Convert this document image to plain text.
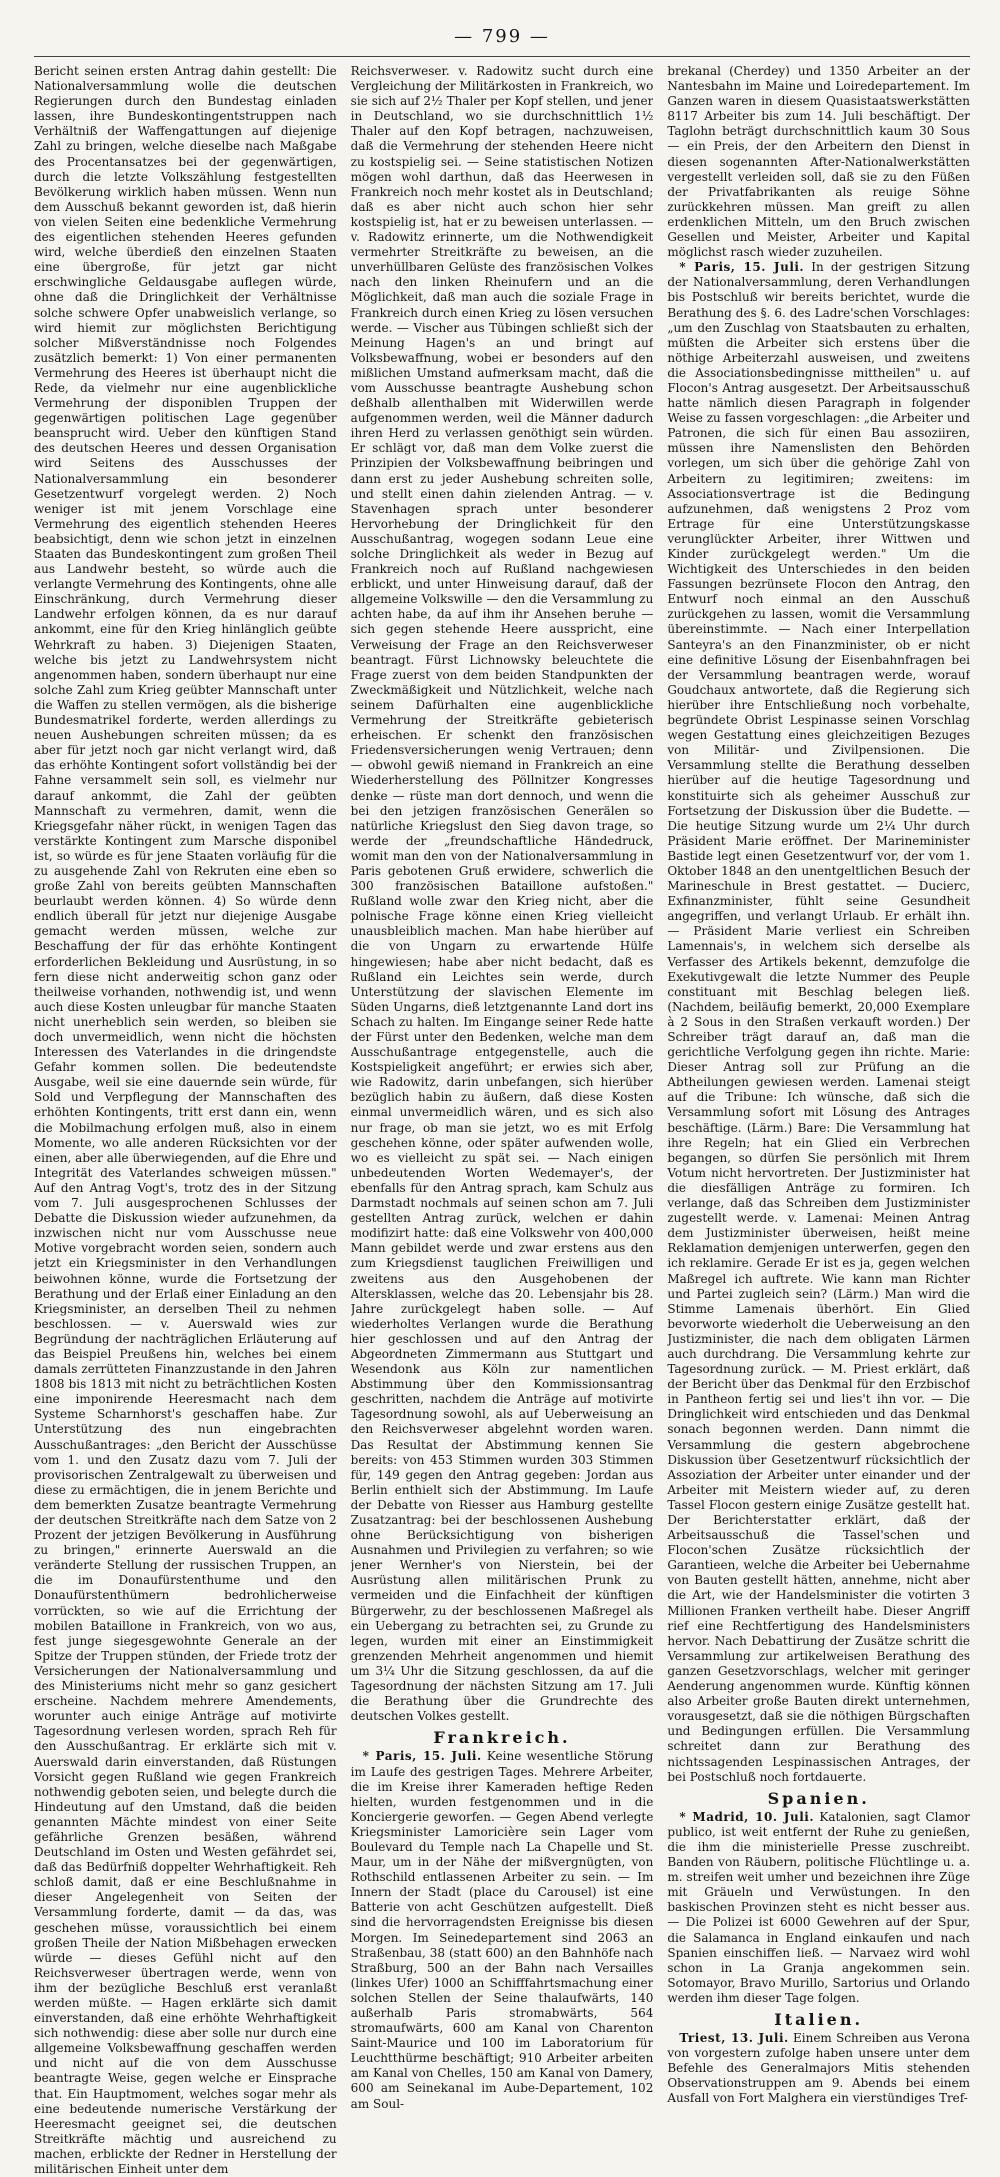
— 799 —

Bericht seinen ersten Antrag dahin gestellt: Die Nationalversammlung wolle die deutschen Regierungen durch den Bundestag einladen lassen, ihre Bundeskontingentstruppen nach Verhältniß der Waffengattungen auf diejenige Zahl zu bringen, welche dieselbe nach Maßgabe des Procentansatzes bei der gegenwärtigen, durch die letzte Volkszählung festgestellten Bevölkerung wirklich haben müssen. Wenn nun dem Ausschuß bekannt geworden ist, daß hierin von vielen Seiten eine bedenkliche Vermehrung des eigentlichen stehenden Heeres gefunden wird, welche überdieß den einzelnen Staaten eine übergroße, für jetzt gar nicht erschwingliche Geldausgabe auflegen würde, ohne daß die Dringlichkeit der Verhältnisse solche schwere Opfer unabweislich verlange, so wird hiemit zur möglichsten Berichtigung solcher Mißverständnisse noch Folgendes zusätzlich bemerkt: 1) Von einer permanenten Vermehrung des Heeres ist überhaupt nicht die Rede, da vielmehr nur eine augenblickliche Vermehrung der disponiblen Truppen der gegenwärtigen politischen Lage gegenüber beansprucht wird. Ueber den künftigen Stand des deutschen Heeres und dessen Organisation wird Seitens des Ausschusses der Nationalversammlung ein besonderer Gesetzentwurf vorgelegt werden. 2) Noch weniger ist mit jenem Vorschlage eine Vermehrung des eigentlich stehenden Heeres beabsichtigt, denn wie schon jetzt in einzelnen Staaten das Bundeskontingent zum großen Theil aus Landwehr besteht, so würde auch die verlangte Vermehrung des Kontingents, ohne alle Einschränkung, durch Vermehrung dieser Landwehr erfolgen können, da es nur darauf ankommt, eine für den Krieg hinlänglich geübte Wehrkraft zu haben. 3) Diejenigen Staaten, welche bis jetzt zu Landwehrsystem nicht angenommen haben, sondern überhaupt nur eine solche Zahl zum Krieg geübter Mannschaft unter die Waffen zu stellen vermögen, als die bisherige Bundesmatrikel forderte, werden allerdings zu neuen Aushebungen schreiten müssen; da es aber für jetzt noch gar nicht verlangt wird, daß das erhöhte Kontingent sofort vollständig bei der Fahne versammelt sein soll, es vielmehr nur darauf ankommt, die Zahl der geübten Mannschaft zu vermehren, damit, wenn die Kriegsgefahr näher rückt, in wenigen Tagen das verstärkte Kontingent zum Marsche disponibel ist, so würde es für jene Staaten vorläufig für die zu ausgehende Zahl von Rekruten eine eben so große Zahl von bereits geübten Mannschaften beurlaubt werden können. 4) So würde denn endlich überall für jetzt nur diejenige Ausgabe gemacht werden müssen, welche zur Beschaffung der für das erhöhte Kontingent erforderlichen Bekleidung und Ausrüstung, in so fern diese nicht anderweitig schon ganz oder theilweise vorhanden, nothwendig ist, und wenn auch diese Kosten unleugbar für manche Staaten nicht unerheblich sein werden, so bleiben sie doch unvermeidlich, wenn nicht die höchsten Interessen des Vaterlandes in die dringendste Gefahr kommen sollen. Die bedeutendste Ausgabe, weil sie eine dauernde sein würde, für Sold und Verpflegung der Mannschaften des erhöhten Kontingents, tritt erst dann ein, wenn die Mobilmachung erfolgen muß, also in einem Momente, wo alle anderen Rücksichten vor der einen, aber alle überwiegenden, auf die Ehre und Integrität des Vaterlandes schweigen müssen." Auf den Antrag Vogt's, trotz des in der Sitzung vom 7. Juli ausgesprochenen Schlusses der Debatte die Diskussion wieder aufzunehmen, da inzwischen nicht nur vom Ausschusse neue Motive vorgebracht worden seien, sondern auch jetzt ein Kriegsminister in den Verhandlungen beiwohnen könne, wurde die Fortsetzung der Berathung und der Erlaß einer Einladung an den Kriegsminister, an derselben Theil zu nehmen beschlossen. — v. Auerswald wies zur Begründung der nachträglichen Erläuterung auf das Beispiel Preußens hin, welches bei einem damals zerrütteten Finanzzustande in den Jahren 1808 bis 1813 mit nicht zu beträchtlichen Kosten eine imponirende Heeresmacht nach dem Systeme Scharnhorst's geschaffen habe. Zur Unterstützung des nun eingebrachten Ausschußantrages: „den Bericht der Ausschüsse vom 1. und den Zusatz dazu vom 7. Juli der provisorischen Zentralgewalt zu überweisen und diese zu ermächtigen, die in jenem Berichte und dem bemerkten Zusatze beantragte Vermehrung der deutschen Streitkräfte nach dem Satze von 2 Prozent der jetzigen Bevölkerung in Ausführung zu bringen," erinnerte Auerswald an die veränderte Stellung der russischen Truppen, an die im Donaufürstenthume und den Donaufürstenthümern bedrohlicherweise vorrückten, so wie auf die Errichtung der mobilen Bataillone in Frankreich, von wo aus, fest junge siegesgewohnte Generale an der Spitze der Truppen stünden, der Friede trotz der Versicherungen der Nationalversammlung und des Ministeriums nicht mehr so ganz gesichert erscheine. Nachdem mehrere Amendements, worunter auch einige Anträge auf motivirte Tagesordnung verlesen worden, sprach Reh für den Ausschußantrag. Er erklärte sich mit v. Auerswald darin einverstanden, daß Rüstungen Vorsicht gegen Rußland wie gegen Frankreich nothwendig geboten seien, und belegte durch die Hindeutung auf den Umstand, daß die beiden genannten Mächte mindest von einer Seite gefährliche Grenzen besäßen, während Deutschland im Osten und Westen gefährdet sei, daß das Bedürfniß doppelter Wehrhaftigkeit. Reh schloß damit, daß er eine Beschlußnahme in dieser Angelegenheit von Seiten der Versammlung forderte, damit — da das, was geschehen müsse, voraussichtlich bei einem großen Theile der Nation Mißbehagen erwecken würde — dieses Gefühl nicht auf den Reichsverweser übertragen werde, wenn von ihm der bezügliche Beschluß erst veranlaßt werden müßte. — Hagen erklärte sich damit einverstanden, daß eine erhöhte Wehrhaftigkeit sich nothwendig: diese aber solle nur durch eine allgemeine Volksbewaffnung geschaffen werden und nicht auf die von dem Ausschusse beantragte Weise, gegen welche er Einsprache that. Ein Hauptmoment, welches sogar mehr als eine bedeutende numerische Verstärkung der Heeresmacht geeignet sei, die deutschen Streitkräfte mächtig und ausreichend zu machen, erblickte der Redner in Herstellung der militärischen Einheit unter dem

Reichsverweser. v. Radowitz sucht durch eine Vergleichung der Militärkosten in Frankreich, wo sie sich auf 2½ Thaler per Kopf stellen, und jener in Deutschland, wo sie durchschnittlich 1½ Thaler auf den Kopf betragen, nachzuweisen, daß die Vermehrung der stehenden Heere nicht zu kostspielig sei. — Seine statistischen Notizen mögen wohl darthun, daß das Heerwesen in Frankreich noch mehr kostet als in Deutschland; daß es aber nicht auch schon hier sehr kostspielig ist, hat er zu beweisen unterlassen. — v. Radowitz erinnerte, um die Nothwendigkeit vermehrter Streitkräfte zu beweisen, an die unverhüllbaren Gelüste des französischen Volkes nach den linken Rheinufern und an die Möglichkeit, daß man auch die soziale Frage in Frankreich durch einen Krieg zu lösen versuchen werde. — Vischer aus Tübingen schließt sich der Meinung Hagen's an und bringt auf Volksbewaffnung, wobei er besonders auf den mißlichen Umstand aufmerksam macht, daß die vom Ausschusse beantragte Aushebung schon deßhalb allenthalben mit Widerwillen werde aufgenommen werden, weil die Männer dadurch ihren Herd zu verlassen genöthigt sein würden. Er schlägt vor, daß man dem Volke zuerst die Prinzipien der Volksbewaffnung beibringen und dann erst zu jeder Aushebung schreiten solle, und stellt einen dahin zielenden Antrag. — v. Stavenhagen sprach unter besonderer Hervorhebung der Dringlichkeit für den Ausschußantrag, wogegen sodann Leue eine solche Dringlichkeit als weder in Bezug auf Frankreich noch auf Rußland nachgewiesen erblickt, und unter Hinweisung darauf, daß der allgemeine Volkswille — den die Versammlung zu achten habe, da auf ihm ihr Ansehen beruhe — sich gegen stehende Heere ausspricht, eine Verweisung der Frage an den Reichsverweser beantragt. Fürst Lichnowsky beleuchtete die Frage zuerst von dem beiden Standpunkten der Zweckmäßigkeit und Nützlichkeit, welche nach seinem Dafürhalten eine augenblickliche Vermehrung der Streitkräfte gebieterisch erheischen. Er schenkt den französischen Friedensversicherungen wenig Vertrauen; denn — obwohl gewiß niemand in Frankreich an eine Wiederherstellung des Pöllnitzer Kongresses denke — rüste man dort dennoch, und wenn die bei den jetzigen französischen Generälen so natürliche Kriegslust den Sieg davon trage, so werde der „freundschaftliche Händedruck, womit man den von der Nationalversammlung in Paris gebotenen Gruß erwidere, schwerlich die 300 französischen Bataillone aufstoßen." Rußland wolle zwar den Krieg nicht, aber die polnische Frage könne einen Krieg vielleicht unausbleiblich machen. Man habe hierüber auf die von Ungarn zu erwartende Hülfe hingewiesen; habe aber nicht bedacht, daß es Rußland ein Leichtes sein werde, durch Unterstützung der slavischen Elemente im Süden Ungarns, dieß letztgenannte Land dort ins Schach zu halten. Im Eingange seiner Rede hatte der Fürst unter den Bedenken, welche man dem Ausschußantrage entgegenstelle, auch die Kostspieligkeit angeführt; er erwies sich aber, wie Radowitz, darin unbefangen, sich hierüber bezüglich habin zu äußern, daß diese Kosten einmal unvermeidlich wären, und es sich also nur frage, ob man sie jetzt, wo es mit Erfolg geschehen könne, oder später aufwenden wolle, wo es vielleicht zu spät sei. — Nach einigen unbedeutenden Worten Wedemayer's, der ebenfalls für den Antrag sprach, kam Schulz aus Darmstadt nochmals auf seinen schon am 7. Juli gestellten Antrag zurück, welchen er dahin modifizirt hatte: daß eine Volkswehr von 400,000 Mann gebildet werde und zwar erstens aus den zum Kriegsdienst tauglichen Freiwilligen und zweitens aus den Ausgehobenen der Altersklassen, welche das 20. Lebensjahr bis 28. Jahre zurückgelegt haben solle. — Auf wiederholtes Verlangen wurde die Berathung hier geschlossen und auf den Antrag der Abgeordneten Zimmermann aus Stuttgart und Wesendonk aus Köln zur namentlichen Abstimmung über den Kommissionsantrag geschritten, nachdem die Anträge auf motivirte Tagesordnung sowohl, als auf Ueberweisung an den Reichsverweser abgelehnt worden waren. Das Resultat der Abstimmung kennen Sie bereits: von 453 Stimmen wurden 303 Stimmen für, 149 gegen den Antrag gegeben: Jordan aus Berlin enthielt sich der Abstimmung. Im Laufe der Debatte von Riesser aus Hamburg gestellte Zusatzantrag: bei der beschlossenen Aushebung ohne Berücksichtigung von bisherigen Ausnahmen und Privilegien zu verfahren; so wie jener Wernher's von Nierstein, bei der Ausrüstung allen militärischen Prunk zu vermeiden und die Einfachheit der künftigen Bürgerwehr, zu der beschlossenen Maßregel als ein Uebergang zu betrachten sei, zu Grunde zu legen, wurden mit einer an Einstimmigkeit grenzenden Mehrheit angenommen und hiemit um 3¼ Uhr die Sitzung geschlossen, da auf die Tagesordnung der nächsten Sitzung am 17. Juli die Berathung über die Grundrechte des deutschen Volkes gestellt.

Frankreich.

* Paris, 15. Juli. Keine wesentliche Störung im Laufe des gestrigen Tages. Mehrere Arbeiter, die im Kreise ihrer Kameraden heftige Reden hielten, wurden festgenommen und in die Konciergerie geworfen. — Gegen Abend verlegte Kriegsminister Lamoricière sein Lager vom Boulevard du Temple nach La Chapelle und St. Maur, um in der Nähe der mißvergnügten, von Rothschild entlassenen Arbeiter zu sein. — Im Innern der Stadt (place du Carousel) ist eine Batterie von acht Geschützen aufgestellt. Dieß sind die hervorragendsten Ereignisse bis diesen Morgen. Im Seinedepartement sind 2063 an Straßenbau, 38 (statt 600) an den Bahnhöfe nach Straßburg, 500 an der Bahn nach Versailles (linkes Ufer) 1000 an Schifffahrtsmachung einer solchen Stellen der Seine thalaufwärts, 140 außerhalb Paris stromabwärts, 564 stromaufwärts, 600 am Kanal von Charenton Saint-Maurice und 100 im Laboratorium für Leuchtthürme beschäftigt; 910 Arbeiter arbeiten am Kanal von Chelles, 150 am Kanal von Damery, 600 am Seinekanal im Aube-Departement, 102 am Soul-

brekanal (Cherdey) und 1350 Arbeiter an der Nantesbahn im Maine und Loiredepartement. Im Ganzen waren in diesem Quasistaatswerkstätten 8117 Arbeiter bis zum 14. Juli beschäftigt. Der Taglohn beträgt durchschnittlich kaum 30 Sous — ein Preis, der den Arbeitern den Dienst in diesen sogenannten After-Nationalwerkstätten vergestellt verleiden soll, daß sie zu den Füßen der Privatfabrikanten als reuige Söhne zurückkehren müssen. Man greift zu allen erdenklichen Mitteln, um den Bruch zwischen Gesellen und Meister, Arbeiter und Kapital möglichst rasch wieder zuzuheilen.

* Paris, 15. Juli. In der gestrigen Sitzung der Nationalversammlung, deren Verhandlungen bis Postschluß wir bereits berichtet, wurde die Berathung des §. 6. des Ladre'schen Vorschlages: „um den Zuschlag von Staatsbauten zu erhalten, müßten die Arbeiter sich erstens über die nöthige Arbeiterzahl ausweisen, und zweitens die Associationsbedingnisse mittheilen" u. auf Flocon's Antrag ausgesetzt. Der Arbeitsausschuß hatte nämlich diesen Paragraph in folgender Weise zu fassen vorgeschlagen: „die Arbeiter und Patronen, die sich für einen Bau assoziiren, müssen ihre Namenslisten den Behörden vorlegen, um sich über die gehörige Zahl von Arbeitern zu legitimiren; zweitens: im Associationsvertrage ist die Bedingung aufzunehmen, daß wenigstens 2 Proz vom Ertrage für eine Unterstützungskasse verunglückter Arbeiter, ihrer Wittwen und Kinder zurückgelegt werden." Um die Wichtigkeit des Unterschiedes in den beiden Fassungen bezrünsete Flocon den Antrag, den Entwurf noch einmal an den Ausschuß zurückgehen zu lassen, womit die Versammlung übereinstimmte. — Nach einer Interpellation Santeyra's an den Finanzminister, ob er nicht eine definitive Lösung der Eisenbahnfragen bei der Versammlung beantragen werde, worauf Goudchaux antwortete, daß die Regierung sich hierüber ihre Entschließung noch vorbehalte, begründete Obrist Lespinasse seinen Vorschlag wegen Gestattung eines gleichzeitigen Bezuges von Militär- und Zivilpensionen. Die Versammlung stellte die Berathung desselben hierüber auf die heutige Tagesordnung und konstituirte sich als geheimer Ausschuß zur Fortsetzung der Diskussion über die Budette. — Die heutige Sitzung wurde um 2¼ Uhr durch Präsident Marie eröffnet. Der Marineminister Bastide legt einen Gesetzentwurf vor, der vom 1. Oktober 1848 an den unentgeltlichen Besuch der Marineschule in Brest gestattet. — Ducierc, Exfinanzminister, fühlt seine Gesundheit angegriffen, und verlangt Urlaub. Er erhält ihn. — Präsident Marie verliest ein Schreiben Lamennais's, in welchem sich derselbe als Verfasser des Artikels bekennt, demzufolge die Exekutivgewalt die letzte Nummer des Peuple constituant mit Beschlag belegen ließ. (Nachdem, beiläufig bemerkt, 20,000 Exemplare à 2 Sous in den Straßen verkauft worden.) Der Schreiber trägt darauf an, daß man die gerichtliche Verfolgung gegen ihn richte. Marie: Dieser Antrag soll zur Prüfung an die Abtheilungen gewiesen werden. Lamenai steigt auf die Tribune: Ich wünsche, daß sich die Versammlung sofort mit Lösung des Antrages beschäftige. (Lärm.) Bare: Die Versammlung hat ihre Regeln; hat ein Glied ein Verbrechen begangen, so dürfen Sie persönlich mit Ihrem Votum nicht hervortreten. Der Justizminister hat die diesfälligen Anträge zu formiren. Ich verlange, daß das Schreiben dem Justizminister zugestellt werde. v. Lamenai: Meinen Antrag dem Justizminister überweisen, heißt meine Reklamation demjenigen unterwerfen, gegen den ich reklamire. Gerade Er ist es ja, gegen welchen Maßregel ich auftrete. Wie kann man Richter und Partei zugleich sein? (Lärm.) Man wird die Stimme Lamenais überhört. Ein Glied bevorworte wiederholt die Ueberweisung an den Justizminister, die nach dem obligaten Lärmen auch durchdrang. Die Versammlung kehrte zur Tagesordnung zurück. — M. Priest erklärt, daß der Bericht über das Denkmal für den Erzbischof in Pantheon fertig sei und lies't ihn vor. — Die Dringlichkeit wird entschieden und das Denkmal sonach begonnen werden. Dann nimmt die Versammlung die gestern abgebrochene Diskussion über Gesetzentwurf rücksichtlich der Assoziation der Arbeiter unter einander und der Arbeiter mit Meistern wieder auf, zu deren Tassel Flocon gestern einige Zusätze gestellt hat. Der Berichterstatter erklärt, daß der Arbeitsausschuß die Tassel'schen und Flocon'schen Zusätze rücksichtlich der Garantieen, welche die Arbeiter bei Uebernahme von Bauten gestellt hätten, annehme, nicht aber die Art, wie der Handelsminister die votirten 3 Millionen Franken vertheilt habe. Dieser Angriff rief eine Rechtfertigung des Handelsministers hervor. Nach Debattirung der Zusätze schritt die Versammlung zur artikelweisen Berathung des ganzen Gesetzvorschlags, welcher mit geringer Aenderung angenommen wurde. Künftig können also Arbeiter große Bauten direkt unternehmen, vorausgesetzt, daß sie die nöthigen Bürgschaften und Bedingungen erfüllen. Die Versammlung schreitet dann zur Berathung des nichtssagenden Lespinassischen Antrages, der bei Postschluß noch fortdauerte.

Spanien.

* Madrid, 10. Juli. Katalonien, sagt Clamor publico, ist weit entfernt der Ruhe zu genießen, die ihm die ministerielle Presse zuschreibt. Banden von Räubern, politische Flüchtlinge u. a. m. streifen weit umher und bezeichnen ihre Züge mit Gräueln und Verwüstungen. In den baskischen Provinzen steht es nicht besser aus. — Die Polizei ist 6000 Gewehren auf der Spur, die Salamanca in England einkaufen und nach Spanien einschiffen ließ. — Narvaez wird wohl schon in La Granja angekommen sein. Sotomayor, Bravo Murillo, Sartorius und Orlando werden ihm dieser Tage folgen.

Italien.

Triest, 13. Juli. Einem Schreiben aus Verona von vorgestern zufolge haben unsere unter dem Befehle des Generalmajors Mitis stehenden Observationstruppen am 9. Abends bei einem Ausfall von Fort Malghera ein vierstündiges Tref-
